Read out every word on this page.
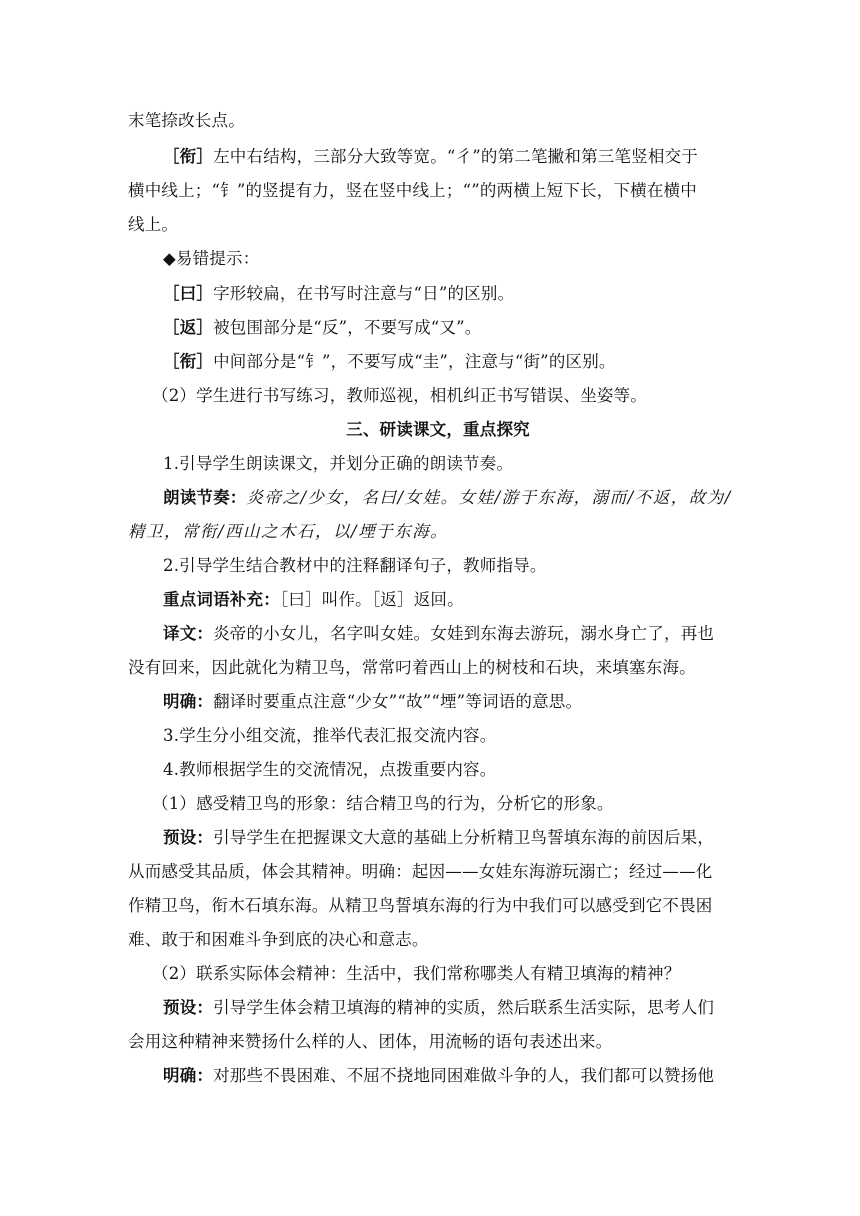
末笔捺改长点。
［衔］左中右结构，三部分大致等宽。“彳”的第二笔撇和第三笔竖相交于
横中线上；“钅”的竖提有力，竖在竖中线上；“”的两横上短下长，下横在横中
线上。
◆易错提示：
［曰］字形较扁，在书写时注意与“日”的区别。
［返］被包围部分是“反”，不要写成“又”。
［衔］中间部分是“钅”，不要写成“圭”，注意与“街”的区别。
（2）学生进行书写练习，教师巡视，相机纠正书写错误、坐姿等。
三、研读课文，重点探究
1.引导学生朗读课文，并划分正确的朗读节奏。
朗读节奏：炎帝之/少女，名曰/女娃。女娃/游于东海，溺而/不返，故为/
精卫，常衔/西山之木石，以/堙于东海。
2.引导学生结合教材中的注释翻译句子，教师指导。
重点词语补充：［曰］叫作。［返］返回。
译文：炎帝的小女儿，名字叫女娃。女娃到东海去游玩，溺水身亡了，再也
没有回来，因此就化为精卫鸟，常常叼着西山上的树枝和石块，来填塞东海。
明确：翻译时要重点注意“少女”“故”“堙”等词语的意思。
3.学生分小组交流，推举代表汇报交流内容。
4.教师根据学生的交流情况，点拨重要内容。
（1）感受精卫鸟的形象：结合精卫鸟的行为，分析它的形象。
预设：引导学生在把握课文大意的基础上分析精卫鸟誓填东海的前因后果，
从而感受其品质，体会其精神。明确：起因——女娃东海游玩溺亡；经过——化
作精卫鸟，衔木石填东海。从精卫鸟誓填东海的行为中我们可以感受到它不畏困
难、敢于和困难斗争到底的决心和意志。
（2）联系实际体会精神：生活中，我们常称哪类人有精卫填海的精神？
预设：引导学生体会精卫填海的精神的实质，然后联系生活实际，思考人们
会用这种精神来赞扬什么样的人、团体，用流畅的语句表述出来。
明确：对那些不畏困难、不屈不挠地同困难做斗争的人，我们都可以赞扬他
